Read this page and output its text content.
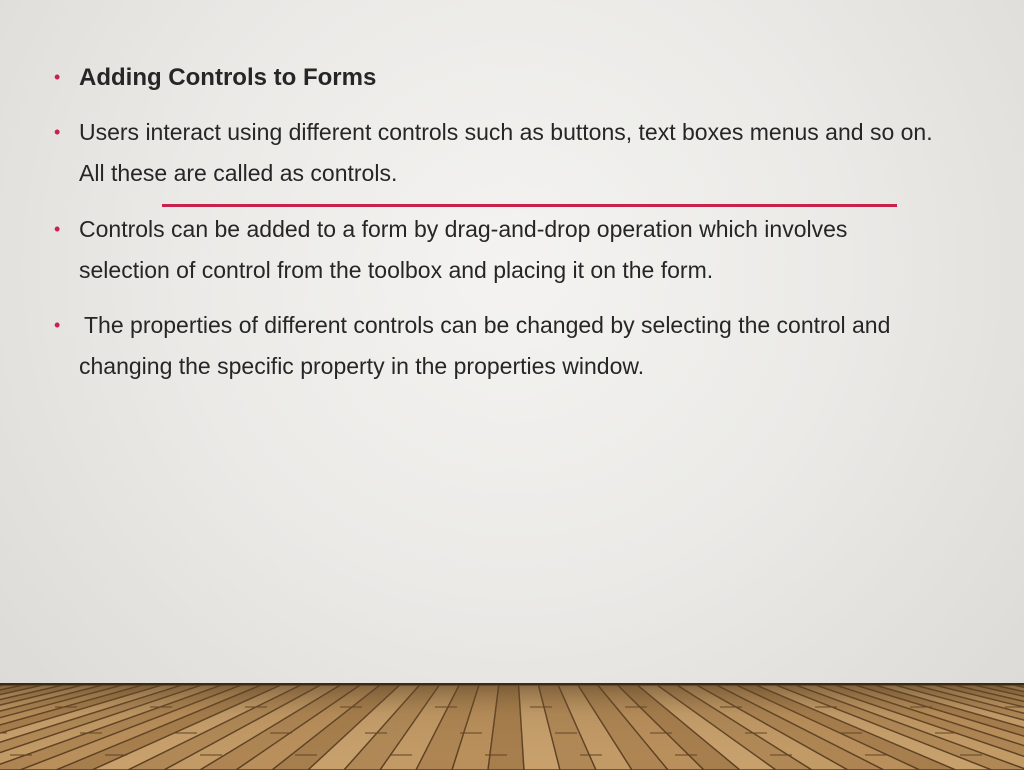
• Adding Controls to Forms
• Users interact using different controls such as buttons, text boxes menus and so on. All these are called as controls.
• Controls can be added to a form by drag-and-drop operation which involves selection of control from the toolbox and placing it on the form.
• The properties of different controls can be changed by selecting the control and changing the specific property in the properties window.
